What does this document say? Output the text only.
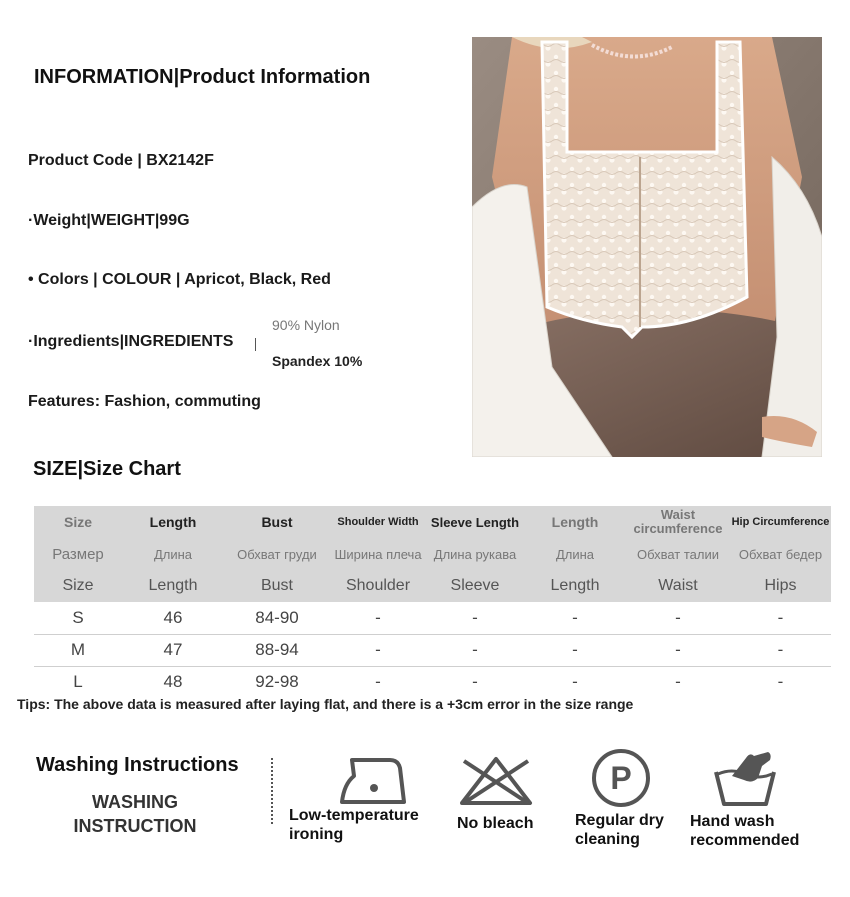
INFORMATION|Product Information
Product Code | BX2142F
·Weight|WEIGHT|99G
• Colors | COLOUR | Apricot, Black, Red
·Ingredients|INGREDIENTS
90% Nylon
Spandex 10%
Features: Fashion, commuting
SIZE|Size Chart
Size	Length	Bust	Shoulder Width	Sleeve Length	Length	Waist circumference	Hip Circumference
Размер	Длина	Обхват груди	Ширина плеча	Длина рукава	Длина	Обхват талии	Обхват бедер
Size	Length	Bust	Shoulder	Sleeve	Length	Waist	Hips
S	46	84-90	-	-	-	-	-
M	47	88-94	-	-	-	-	-
L	48	92-98	-	-	-	-	-
Tips: The above data is measured after laying flat, and there is a +3cm error in the size range
Washing Instructions
WASHING
INSTRUCTION
Low-temperature
ironing
No bleach
P
Regular dry
cleaning
Hand wash
recommended
